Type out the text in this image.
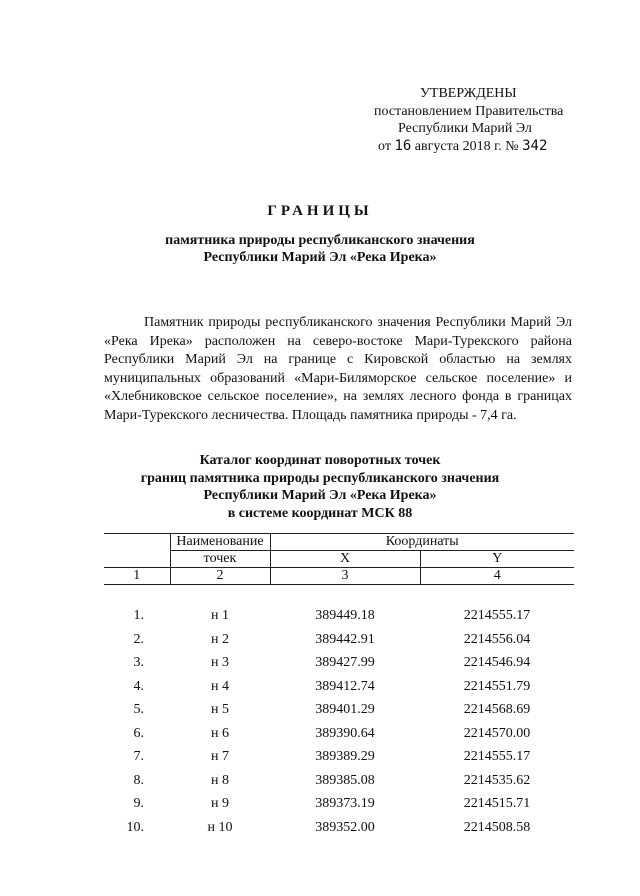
УТВЕРЖДЕНЫ
постановлением Правительства
Республики Марий Эл
от 16 августа 2018 г. № 342
ГРАНИЦЫ
памятника природы республиканского значения
Республики Марий Эл «Река Ирека»
Памятник природы республиканского значения Республики Марий Эл «Река Ирека» расположен на северо-востоке Мари-Турекского района Республики Марий Эл на границе с Кировской областью на землях муниципальных образований «Мари-Биляморское сельское поселение» и «Хлебниковское сельское поселение», на землях лесного фонда в границах Мари-Турекского лесничества. Площадь памятника природы - 7,4 га.
Каталог координат поворотных точек
границ памятника природы республиканского значения
Республики Марий Эл «Река Ирека»
в системе координат МСК 88
	Наименование	Координаты	
	точек	X	Y
1	2	3	4
1.	н 1	389449.18	2214555.17
2.	н 2	389442.91	2214556.04
3.	н 3	389427.99	2214546.94
4.	н 4	389412.74	2214551.79
5.	н 5	389401.29	2214568.69
6.	н 6	389390.64	2214570.00
7.	н 7	389389.29	2214555.17
8.	н 8	389385.08	2214535.62
9.	н 9	389373.19	2214515.71
10.	н 10	389352.00	2214508.58
